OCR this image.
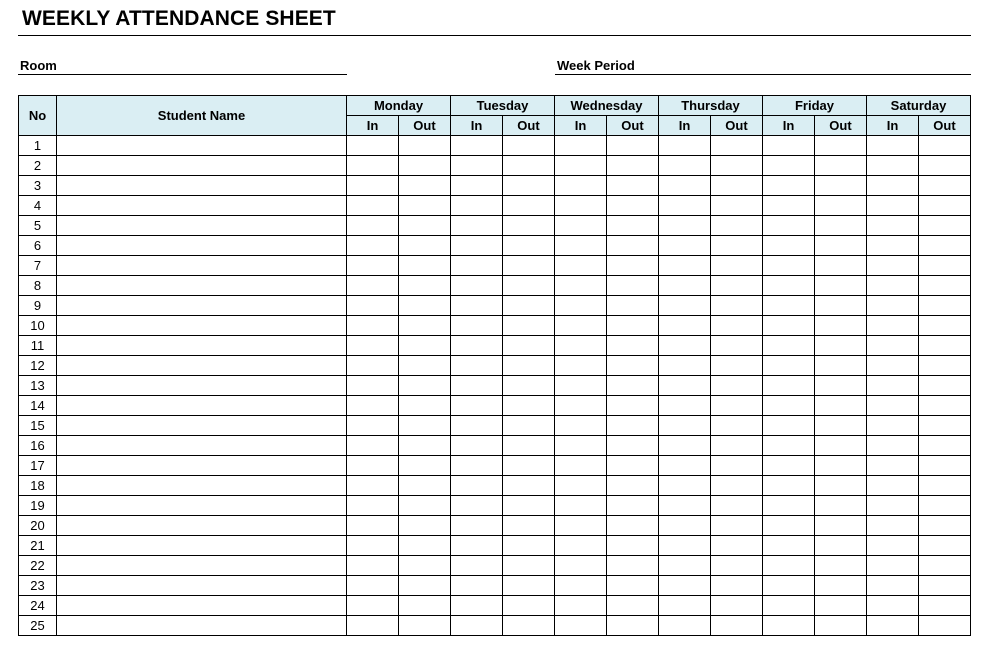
WEEKLY ATTENDANCE SHEET
Room	Week Period
No	Student Name	Monday		Tuesday		Wednesday		Thursday		Friday		Saturday	
		In	Out	In	Out	In	Out	In	Out	In	Out	In	Out
1													
2													
3													
4													
5													
6													
7													
8													
9													
10													
11													
12													
13													
14													
15													
16													
17													
18													
19													
20													
21													
22													
23													
24													
25													
